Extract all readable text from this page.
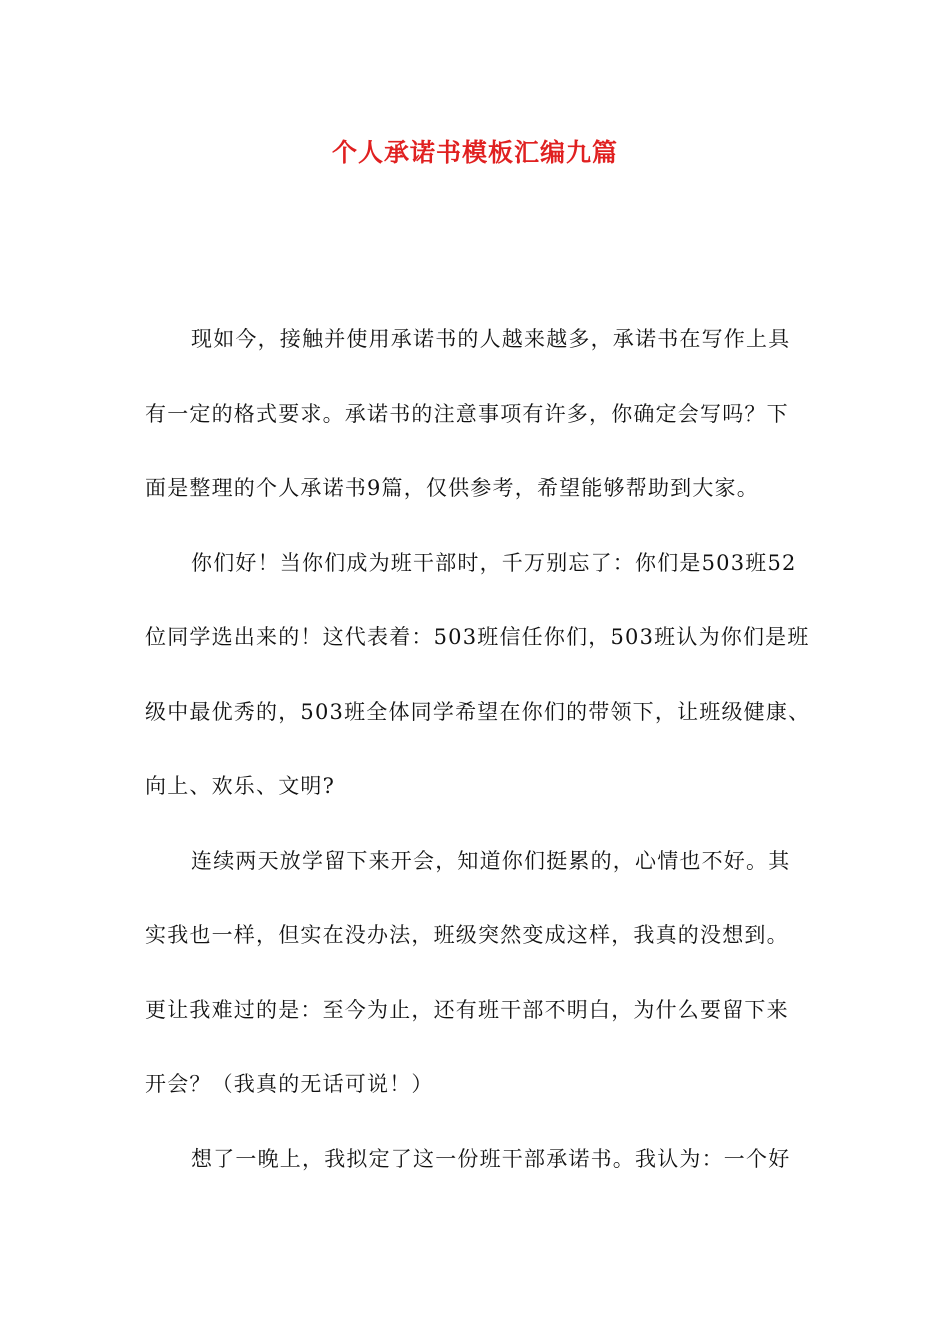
个人承诺书模板汇编九篇
现如今，接触并使用承诺书的人越来越多，承诺书在写作上具
有一定的格式要求。承诺书的注意事项有许多，你确定会写吗？下
面是整理的个人承诺书9篇，仅供参考，希望能够帮助到大家。
你们好！当你们成为班干部时，千万别忘了：你们是503班52
位同学选出来的！这代表着：503班信任你们，503班认为你们是班
级中最优秀的，503班全体同学希望在你们的带领下，让班级健康、
向上、欢乐、文明?
连续两天放学留下来开会，知道你们挺累的，心情也不好。其
实我也一样，但实在没办法，班级突然变成这样，我真的没想到。
更让我难过的是：至今为止，还有班干部不明白，为什么要留下来
开会？（我真的无话可说！）
想了一晚上，我拟定了这一份班干部承诺书。我认为：一个好
